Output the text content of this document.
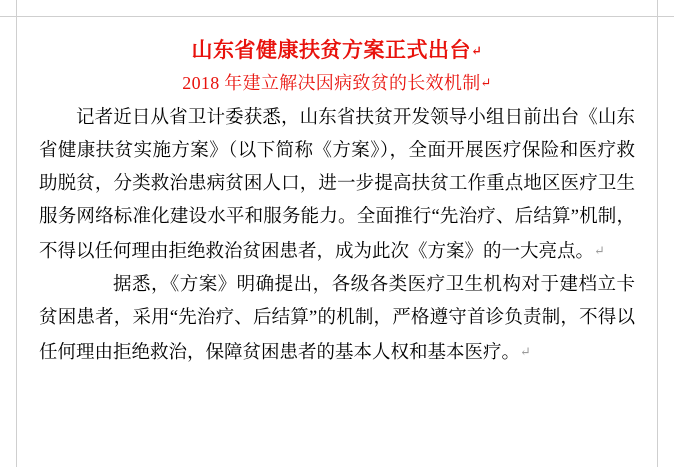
山东省健康扶贫方案正式出台↵
2018 年建立解决因病致贫的长效机制↵

记者近日从省卫计委获悉，山东省扶贫开发领导小组日前出台《山东省健康扶贫实施方案》（以下简称《方案》），全面开展医疗保险和医疗救助脱贫，分类救治患病贫困人口，进一步提高扶贫工作重点地区医疗卫生服务网络标准化建设水平和服务能力。全面推行“先治疗、后结算”机制，不得以任何理由拒绝救治贫困患者，成为此次《方案》的一大亮点。↵

据悉，《方案》明确提出，各级各类医疗卫生机构对于建档立卡贫困患者，采用“先治疗、后结算”的机制，严格遵守首诊负责制，不得以任何理由拒绝救治，保障贫困患者的基本人权和基本医疗。↵
